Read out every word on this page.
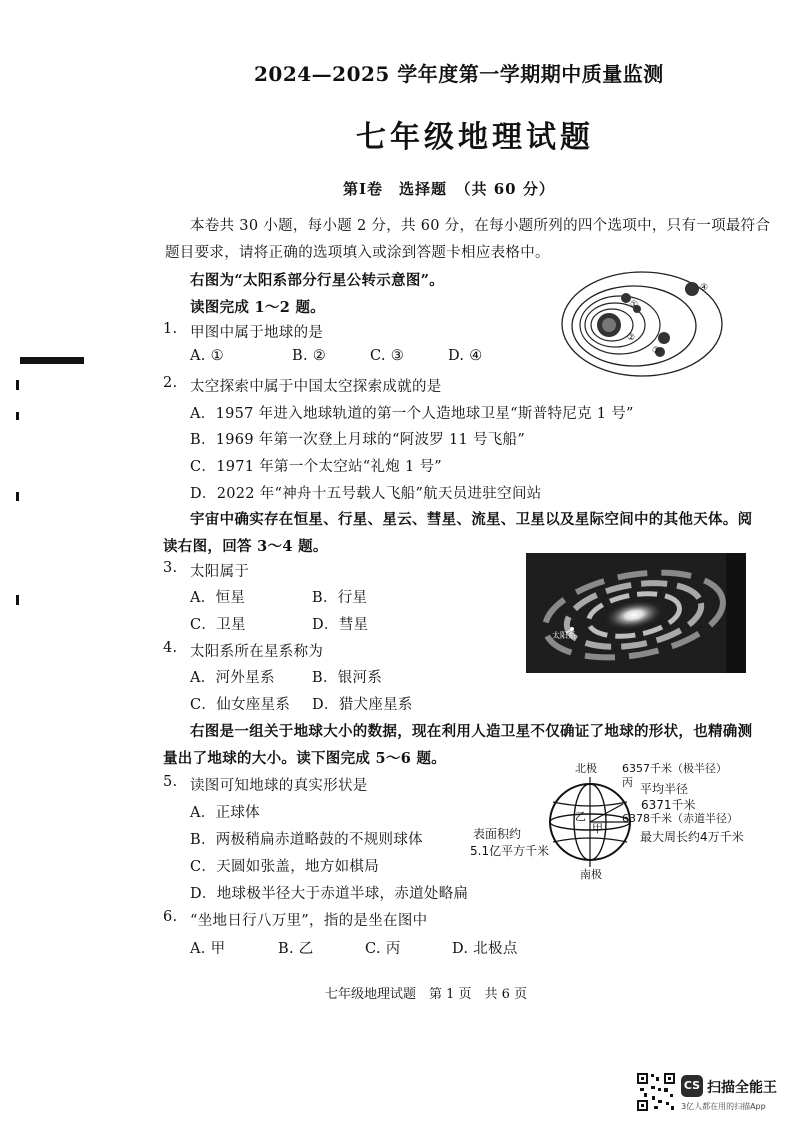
2024—2025 学年度第一学期期中质量监测
七年级地理试题
第Ⅰ卷　选择题　（共 60 分）
本卷共 30 小题，每小题 2 分，共 60 分，在每小题所列的四个选项中，只有一项最符合
题目要求，请将正确的选项填入或涂到答题卡相应表格中。
右图为“太阳系部分行星公转示意图”。
读图完成 1～2 题。	①
②
③
④
1. 甲图中属于地球的是
A. ①	B. ②	C. ③	D. ④
2. 太空探索中属于中国太空探索成就的是
A．1957 年进入地球轨道的第一个人造地球卫星“斯普特尼克 1 号”
B．1969 年第一次登上月球的“阿波罗 11 号飞船”
C．1971 年第一个太空站“礼炮 1 号”
D．2022 年“神舟十五号载人飞船”航天员进驻空间站
宇宙中确实存在恒星、行星、星云、彗星、流星、卫星以及星际空间中的其他天体。阅
读右图，回答 3～4 题。
太阳系
3. 太阳属于
A．恒星	B．行星
C．卫星	D．彗星
4. 太阳系所在星系称为
A．河外星系	B．银河系
C．仙女座星系 D．猎犬座星系
右图是一组关于地球大小的数据，现在利用人造卫星不仅确证了地球的形状，也精确测
量出了地球的大小。读下图完成 5～6 题。
北极
南极
6357千米（极半径）
丙 平均半径
6371千米
6378千米（赤道半径）
乙
甲
最大周长约4万千米
表面积约
5.1亿平方千米
5. 读图可知地球的真实形状是
A．正球体
B．两极稍扁赤道略鼓的不规则球体
C．天圆如张盖，地方如棋局
D．地球极半径大于赤道半球，赤道处略扁
6. “坐地日行八万里”，指的是坐在图中
A. 甲	B. 乙	C. 丙	D. 北极点
七年级地理试题　第 1 页　共 6 页
CS 扫描全能王
3亿人都在用的扫描App
